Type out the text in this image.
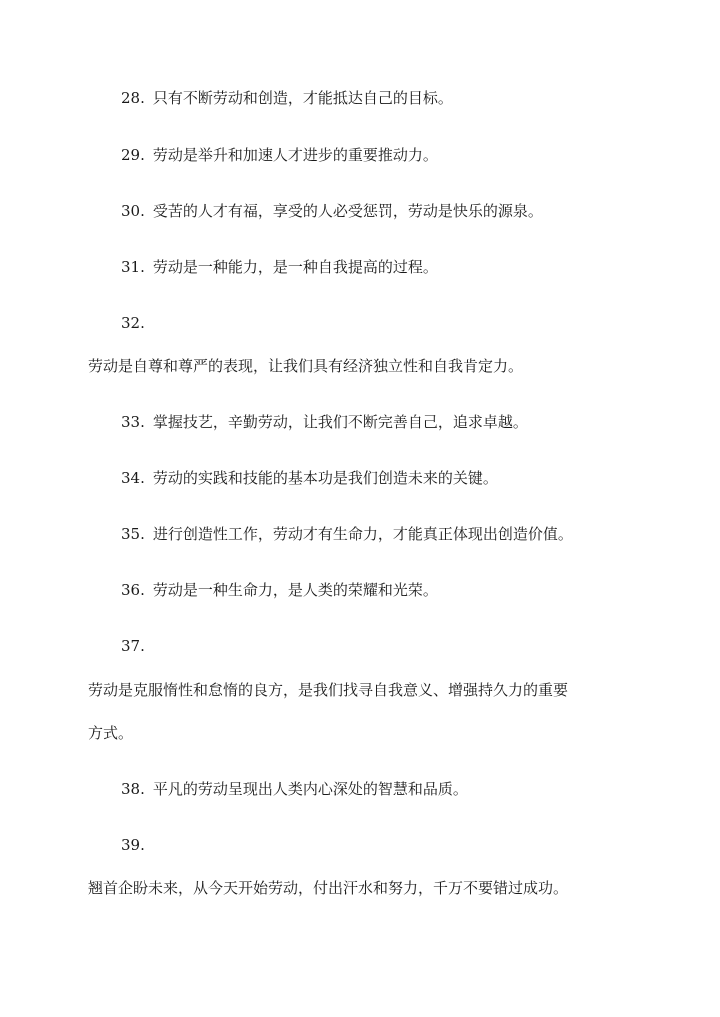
28. 只有不断劳动和创造，才能抵达自己的目标。
29. 劳动是举升和加速人才进步的重要推动力。
30. 受苦的人才有福，享受的人必受惩罚，劳动是快乐的源泉。
31. 劳动是一种能力，是一种自我提高的过程。
32.
劳动是自尊和尊严的表现，让我们具有经济独立性和自我肯定力。
33. 掌握技艺，辛勤劳动，让我们不断完善自己，追求卓越。
34. 劳动的实践和技能的基本功是我们创造未来的关键。
35. 进行创造性工作，劳动才有生命力，才能真正体现出创造价值。
36. 劳动是一种生命力，是人类的荣耀和光荣。
37.
劳动是克服惰性和怠惰的良方，是我们找寻自我意义、增强持久力的重要
方式。
38. 平凡的劳动呈现出人类内心深处的智慧和品质。
39.
翘首企盼未来，从今天开始劳动，付出汗水和努力，千万不要错过成功。
